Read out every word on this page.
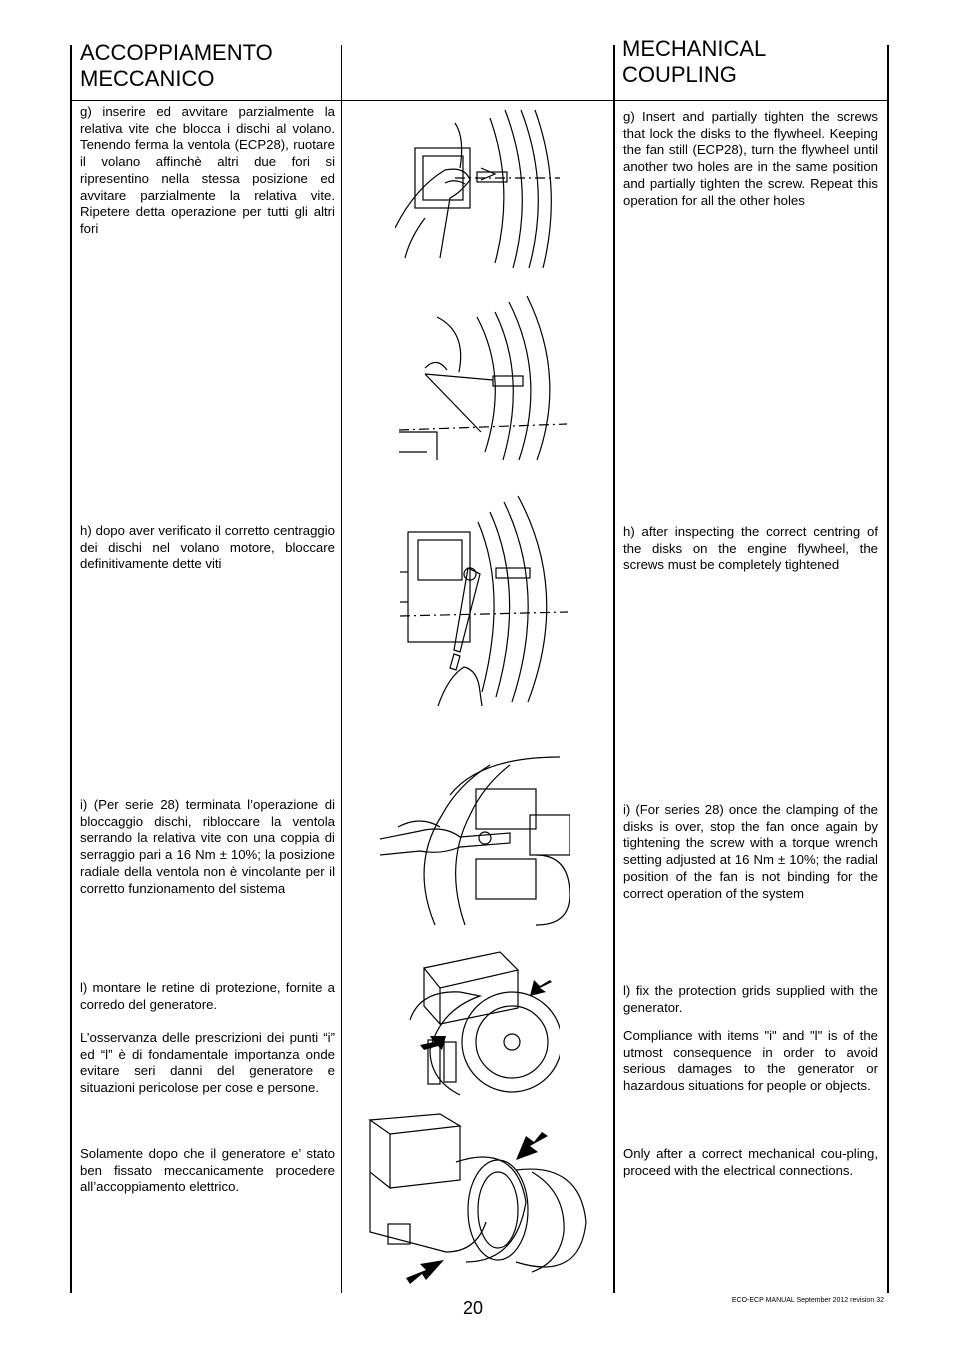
ACCOPPIAMENTO
MECCANICO
MECHANICAL
COUPLING

g) inserire ed avvitare parzialmente la relativa vite che blocca i dischi al volano. Tenendo ferma la ventola (ECP28), ruotare il volano affinchè altri due fori si ripresentino nella stessa posizione ed avvitare parzialmente la relativa vite. Ripetere detta operazione per tutti gli altri fori

h) dopo aver verificato il corretto centraggio dei dischi nel volano motore, bloccare definitivamente dette viti

i) (Per serie 28) terminata l’operazione di bloccaggio dischi, ribloccare la ventola serrando la relativa vite con una coppia di serraggio pari a 16 Nm ± 10%; la posizione radiale della ventola non è vincolante per il corretto funzionamento del sistema

l) montare le retine di protezione, fornite a corredo del generatore.

L’osservanza delle prescrizioni dei punti “i” ed “l” è di fondamentale importanza onde evitare seri danni del generatore e situazioni pericolose per cose e persone.

Solamente dopo che il generatore e’ stato ben fissato meccanicamente procedere all’accoppiamento elettrico.

g) Insert and partially tighten the screws that lock the disks to the flywheel. Keeping the fan still (ECP28), turn the flywheel until another two holes are in the same position and partially tighten the screw. Repeat this operation for all the other holes

h) after inspecting the correct centring of the disks on the engine flywheel, the screws must be completely tightened

i) (For series 28) once the clamping of the disks is over, stop the fan once again by tightening the screw with a torque wrench setting adjusted at 16 Nm ± 10%; the radial position of the fan is not binding for the correct operation of the system

l) fix the protection grids supplied with the generator.

Compliance with items "i" and "l" is of the utmost consequence in order to avoid serious damages to the generator or hazardous situations for people or objects.

Only after a correct mechanical cou-pling, proceed with the electrical connections.

20	ECO-ECP MANUAL September 2012 revision 32
